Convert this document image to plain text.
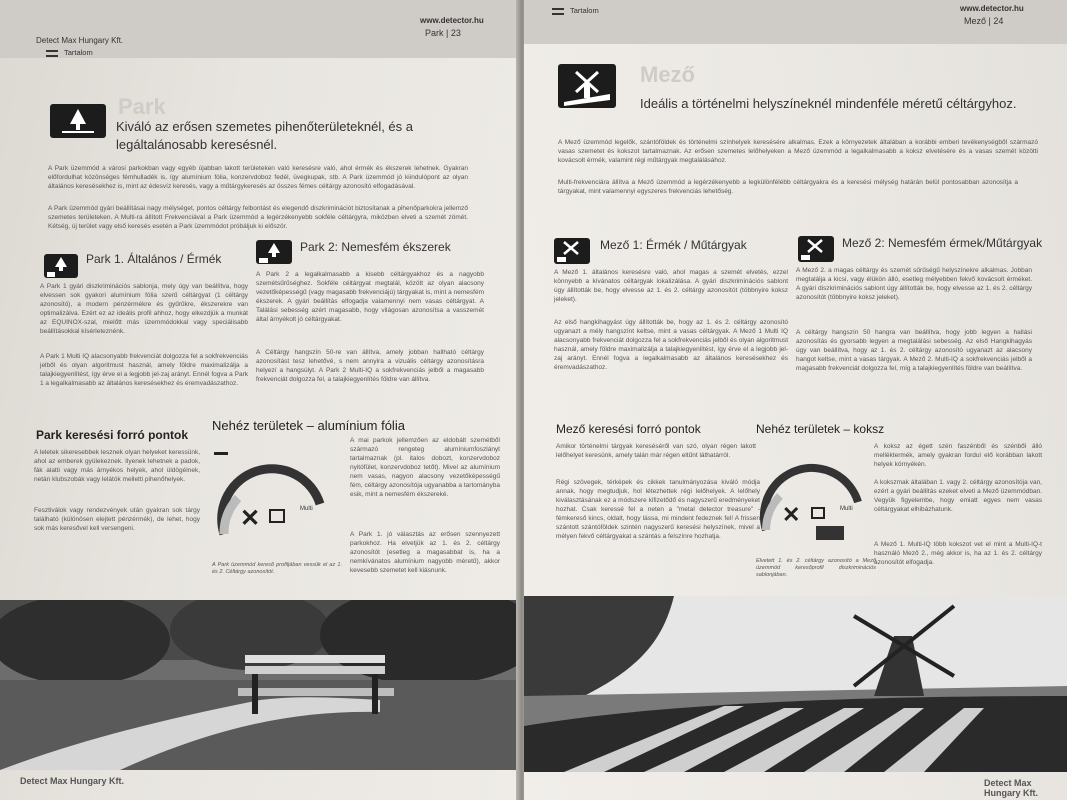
Detect Max Hungary Kft.
Tartalom
www.detector.hu
Park | 23
Park
Kiváló az erősen szemetes pihenőterületeknél, és a legáltalánosabb keresésnél.
A Park üzemmód a városi parkokban vagy egyéb újabban lakott területeken való keresésre való, ahol érmék és ékszerek lehetnek. Gyakran előfordulhat közönséges fémhulladék is, így alumínium fólia, konzervdoboz fedél, üvegkupak, stb. A Park üzemmód jó kiindulópont az olyan általános keresésekhez is, mint az édesvíz keresés, vagy a műtárgykeresés az összes fémes céltárgy azonosító elfogadásával.
A Park üzemmód gyári beállításai nagy mélységet, pontos céltárgy felbontást és elegendő diszkriminációt biztosítanak a pihenőparkokra jellemző szemetes területeken. A Multi-ra állított Frekvenciával a Park üzemmód a legérzékenyebb sokféle céltárgyra, miközben elveti a szemét zömét. Kétség, új terület vagy első keresés esetén a Park üzemmódot próbáljuk ki először.
Park 1. Általános / Érmék
A Park 1 gyári diszkriminációs sablonja, mely úgy van beállítva, hogy elvessen sok gyakori alumínium fólia szerű céltárgyat (1 céltárgy azonosító), a modern pénzérmékre és gyűrűkre, ékszerekre van optimalizálva. Ezért ez az ideális profil ahhoz, hogy elkezdjük a munkát az EQUINOX-szal, mielőtt más üzemmódokkal vagy speciálisabb beállításokkal kísérleteznénk.
A Park 1 Multi IQ alacsonyabb frekvenciát dolgozza fel a sokfrekvenciás jelből és olyan algoritmust használ, amely földre maximalizálja a talajkiegyenlítést, így érve el a legjobb jel-zaj arányt. Ennél fogva a Park 1 a legalkalmasabb az általános keresésekhez és éremvadászathoz.
Park 2: Nemesfém ékszerek
A Park 2 a legalkalmasabb a kisebb céltárgyakhoz és a nagyobb szemétsűrűséghez. Sokféle céltárgyat megtalál, között az olyan alacsony vezetőképességű (vagy magasabb frekvenciájú) tárgyakat is, mint a nemesfém ékszerek. A gyári beállítás elfogadja valamennyi nem vasas céltárgyat. A Találási sebesség azért magasabb, hogy világosan azonosítsa a vasszemét által árnyékolt jó céltárgyakat.
A Céltárgy hangszín 50-re van állítva, amely jobban hallható céltárgy azonosítást tesz lehetővé, s nem annyira a vizuális céltárgy azonosításra helyezi a hangsúlyt. A Park 2 Multi-IQ a sokfrekvenciás jelből a magasabb frekvenciát dolgozza fel, a talajkiegyenlítés földre van állítva.
Park keresési forró pontok
A leletek sikeresebbek lesznek olyan helyeket keressünk, ahol az emberek gyülekeznek. Ilyenek lehetnek a padok, fák alatti vagy más árnyékos helyek, ahol üldögélnek, netán klubszobák vagy lelátók melletti pihenőhelyek.
Fesztiválok vagy rendezvények után gyakran sok tárgy található (különösen elejtett pénzérmék), de lehet, hogy sok más keresővel kell versengeni.
Nehéz területek – alumínium fólia
✕	Multi
A Park üzemmód kereső profiljában vessük el az 1. és 2. Céltárgy azonosítót.
A mai parkok jellemzően az eldobált szemétből származó rengeteg alumíniumfoszlányt tartalmaznak (pl. italos dobozt, konzervdoboz nyitófület, konzervdoboz tetőt). Mivel az alumínium nem vasas, nagyon alacsony vezetőképességű fém, céltárgy azonosítója ugyanabba a tartományba esik, mint a nemesfém ékszereké.
A Park 1. jó választás az erősen szennyezett parkokhoz. Ha elvetjük az 1. és 2. céltárgy azonosítót (esetleg a magasabbat is, ha a nemkívánatos alumínium nagyobb méretű), akkor kevesebb szemetet kell kiásnunk.
Detect Max Hungary Kft.
Tartalom	www.detector.hu
Mező | 24
Mező
Ideális a történelmi helyszíneknél mindenféle méretű céltárgyhoz.
A Mező üzemmód legelők, szántóföldek és történelmi színhelyek keresésére alkalmas. Ezek a környezetek általában a korábbi emberi tevékenységből származó vasas szemetet és kokszot tartalmaznak. Az erősen szemetes lelőhelyeken a Mező üzemmód a legalkalmasabb a koksz elvetésére és a vasas szemét közötti kovácsolt érmék, valamint régi műtárgyak megtalálásához.
Multi-frekvenciára állítva a Mező üzemmód a legérzékenyebb a legkülönfélébb céltárgyakra és a keresési mélység határán belül pontosabban azonosítja a tárgyakat, mint valamennyi egyszeres frekvenciás lehetőség.
Mező 1: Érmék / Műtárgyak
A Mező 1. általános keresésre való, ahol magas a szemét elvetés, ezzel könnyebb a kívánatos céltárgyak lokalizálása. A gyári diszkriminációs sablont úgy állították be, hogy elvesse az 1. és 2. céltárgy azonosítót (többnyire koksz jeleket).
Az első hangkihagyást úgy állították be, hogy az 1. és 2. céltárgy azonosító ugyanazt a mély hangszínt keltse, mint a vasas céltárgyak. A Mező 1 Multi IQ alacsonyabb frekvenciát dolgozza fel a sokfrekvenciás jelből és olyan algoritmust használ, amely földre maximalizálja a talajkiegyenlítést, így érve el a legjobb jel-zaj arányt. Ennél fogva a legalkalmasabb az általános keresésekhez és éremvadászathoz.
Mező 2: Nemesfém érmek/Műtárgyak
A Mező 2. a magas céltárgy és szemét sűrűségű helyszínekre alkalmas. Jobban megtalálja a kicsi, vagy élükön álló, esetleg mélyebben fekvő kovácsolt érméket. A gyári diszkriminációs sablont úgy állították be, hogy elvesse az 1. és 2. céltárgy azonosítót (többnyire koksz jeleket).
A céltárgy hangszín 50 hangra van beállítva, hogy jobb legyen a hallási azonosítás és gyorsabb legyen a megtalálási sebesség. Az első Hangkihagyás úgy van beállítva, hogy az 1. és 2. céltárgy azonosító ugyanazt az alacsony hangot keltse, mint a vasas tárgyak. A Mező 2. Multi-IQ a sokfrekvenciás jelből a magasabb frekvenciát dolgozza fel, míg a talajkiegyenlítés földre van beállítva.
Mező keresési forró pontok
Amikor történelmi tárgyak kereséséről van szó, olyan régen lakott lelőhelyet keresünk, amely talán már régen eltűnt láthatárról.
Régi szövegek, térképek és cikkek tanulmányozása kiváló módja annak, hogy megtudjuk, hol létezhettek régi lelőhelyek. A lelőhely kiválasztásának ez a módszere kifizetődő és nagyszerű eredményeket hozhat. Csak keressé fel a neten a "metal detector treasure" - fémkereső kincs, oldalt, hogy lássa, mi mindent fedeznek fel! A frissen szántott szántóföldek szintén nagyszerű keresési helyszínek, mivel a mélyen fekvő céltárgyakat a szántás a felszínre hozhatja.
Nehéz területek – koksz
✕	Multi
Elvetett 1. és 2. céltárgy azonosító a Mező üzemmód keresőprofil diszkriminációs sablonjában.
A koksz az égett szén faszénből és szénből álló melléktermék, amely gyakran fordul elő korábban lakott helyek környékén.
A kokszmak általában 1. vagy 2. céltárgy azonosítója van, ezért a gyári beállítás ezeket elveti a Mező üzemmódban. Vegyük figyelembe, hogy emiatt egyes nem vasas céltárgyakat elhibázhatunk.
A Mező 1. Multi-IQ több kokszot vet el mint a Multi-IQ-t használó Mező 2., még akkor is, ha az 1. és 2. céltárgy azonosítót elfogadja.
Detect Max Hungary Kft.
